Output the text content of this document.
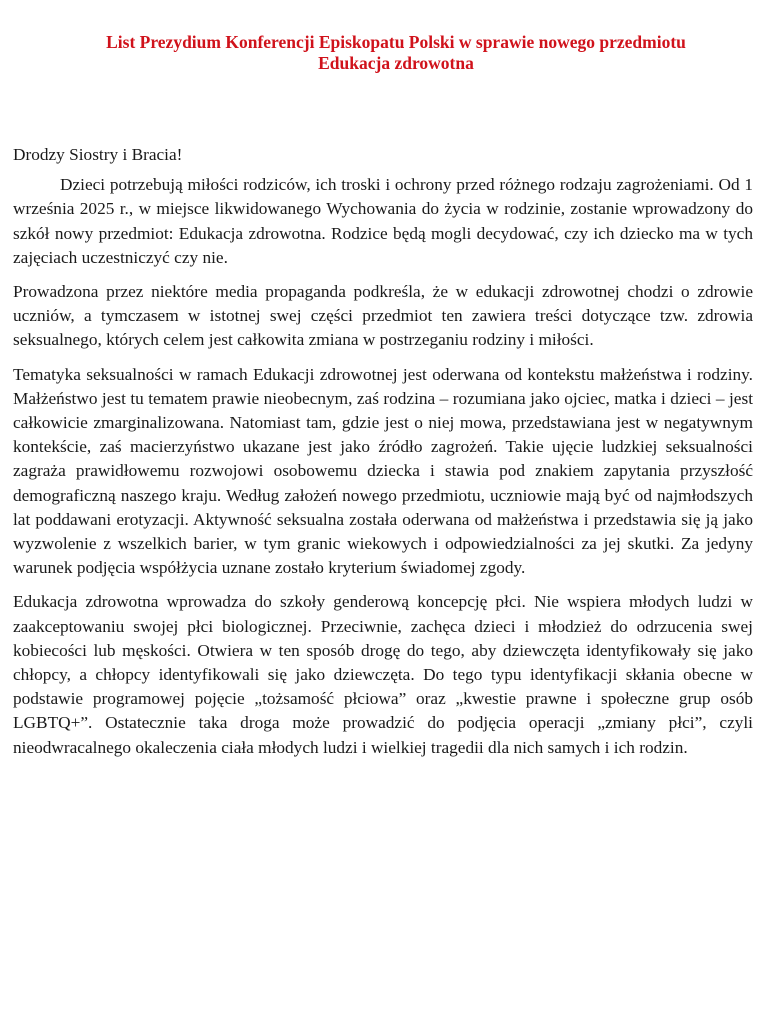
List Prezydium Konferencji Episkopatu Polski w sprawie nowego przedmiotu
Edukacja zdrowotna

Drodzy Siostry i Bracia!

Dzieci potrzebują miłości rodziców, ich troski i ochrony przed różnego rodzaju zagrożeniami. Od 1 września 2025 r., w miejsce likwidowanego Wychowania do życia w rodzinie, zostanie wprowadzony do szkół nowy przedmiot: Edukacja zdrowotna. Rodzice będą mogli decydować, czy ich dziecko ma w tych zajęciach uczestniczyć czy nie.

Prowadzona przez niektóre media propaganda podkreśla, że w edukacji zdrowotnej chodzi o zdrowie uczniów, a tymczasem w istotnej swej części przedmiot ten zawiera treści dotyczące tzw. zdrowia seksualnego, których celem jest całkowita zmiana w postrzeganiu rodziny i miłości.

Tematyka seksualności w ramach Edukacji zdrowotnej jest oderwana od kontekstu małżeństwa i rodziny. Małżeństwo jest tu tematem prawie nieobecnym, zaś rodzina – rozumiana jako ojciec, matka i dzieci – jest całkowicie zmarginalizowana. Natomiast tam, gdzie jest o niej mowa, przedstawiana jest w negatywnym kontekście, zaś macierzyństwo ukazane jest jako źródło zagrożeń. Takie ujęcie ludzkiej seksualności zagraża prawidłowemu rozwojowi osobowemu dziecka i stawia pod znakiem zapytania przyszłość demograficzną naszego kraju. Według założeń nowego przedmiotu, uczniowie mają być od najmłodszych lat poddawani erotyzacji. Aktywność seksualna została oderwana od małżeństwa i przedstawia się ją jako wyzwolenie z wszelkich barier, w tym granic wiekowych i odpowiedzialności za jej skutki. Za jedyny warunek podjęcia współżycia uznane zostało kryterium świadomej zgody.

Edukacja zdrowotna wprowadza do szkoły genderową koncepcję płci. Nie wspiera młodych ludzi w zaakceptowaniu swojej płci biologicznej. Przeciwnie, zachęca dzieci i młodzież do odrzucenia swej kobiecości lub męskości. Otwiera w ten sposób drogę do tego, aby dziewczęta identyfikowały się jako chłopcy, a chłopcy identyfikowali się jako dziewczęta. Do tego typu identyfikacji skłania obecne w podstawie programowej pojęcie „tożsamość płciowa” oraz „kwestie prawne i społeczne grup osób LGBTQ+”. Ostatecznie taka droga może prowadzić do podjęcia operacji „zmiany płci”, czyli nieodwracalnego okaleczenia ciała młodych ludzi i wielkiej tragedii dla nich samych i ich rodzin.
